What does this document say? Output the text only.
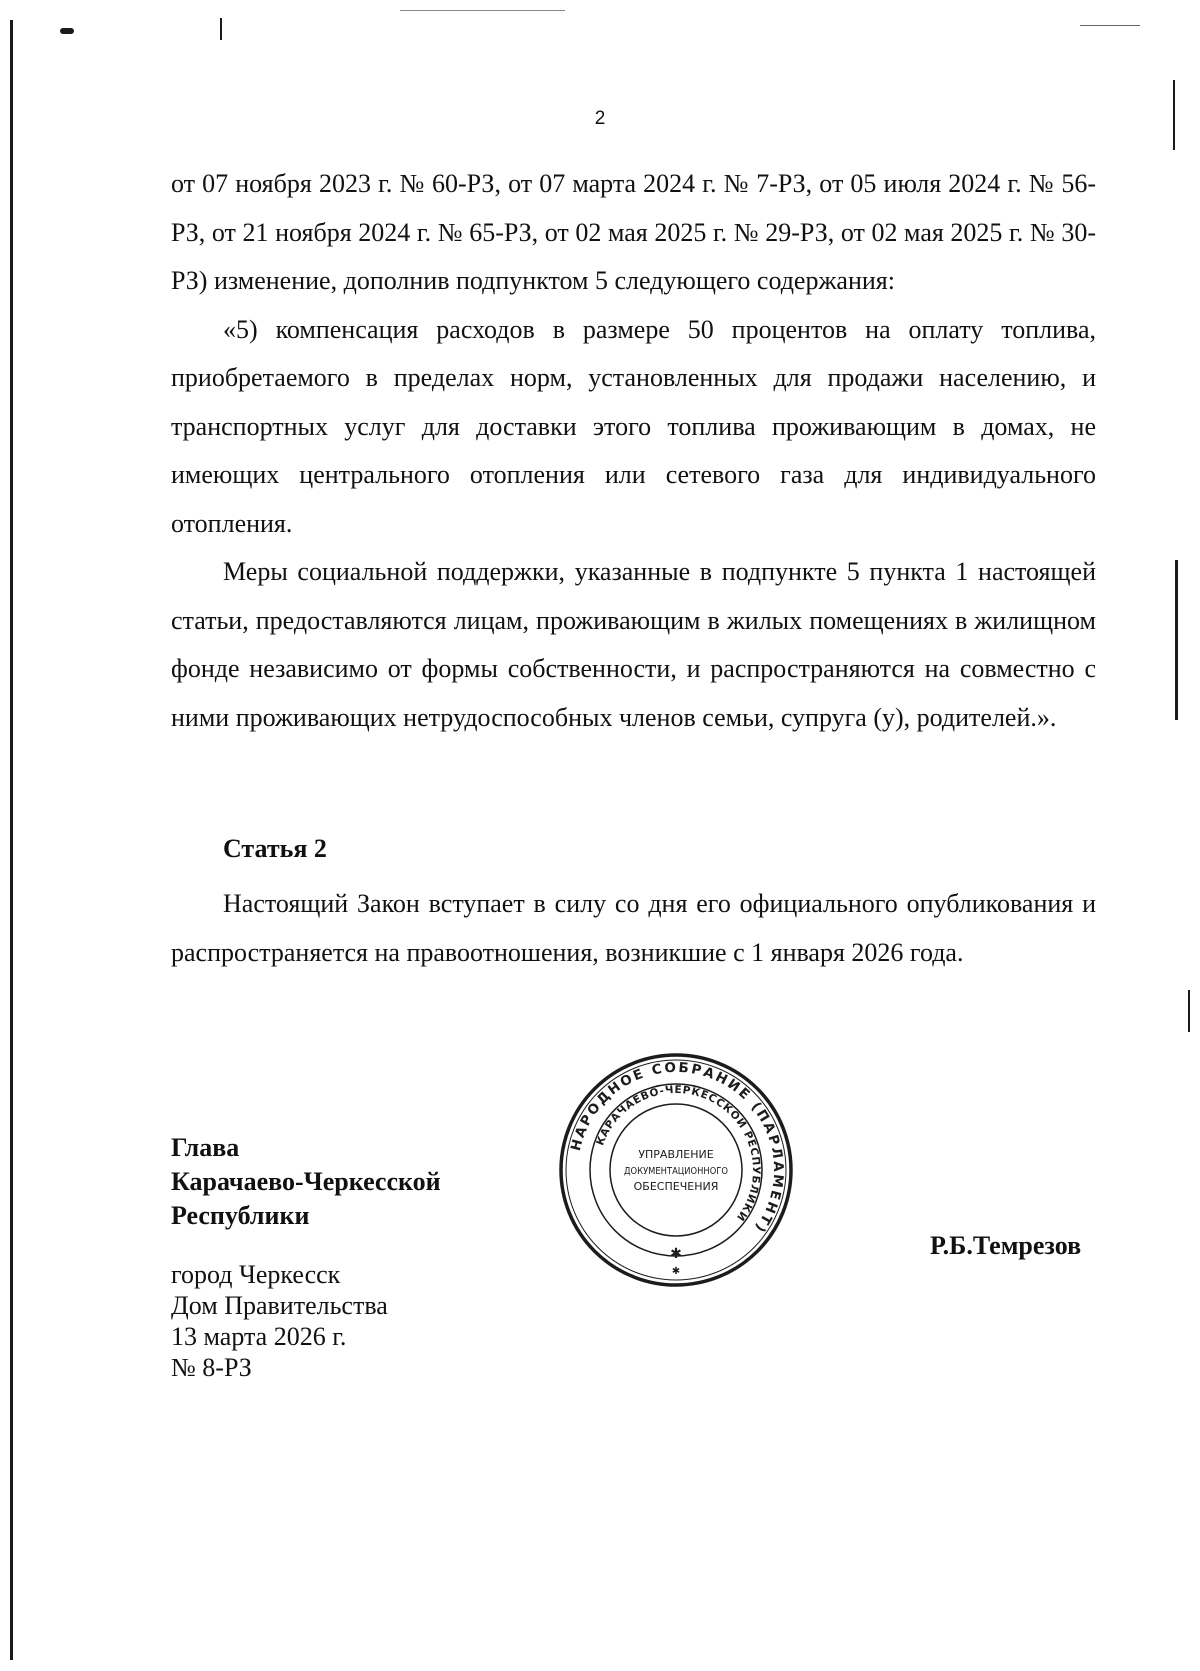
2

от 07 ноября 2023 г. № 60-РЗ, от 07 марта 2024 г. № 7-РЗ, от 05 июля 2024 г. № 56-РЗ, от 21 ноября 2024 г. № 65-РЗ, от 02 мая 2025 г. № 29-РЗ, от 02 мая 2025 г. № 30-РЗ) изменение, дополнив подпунктом 5 следующего содержания:

«5) компенсация расходов в размере 50 процентов на оплату топлива, приобретаемого в пределах норм, установленных для продажи населению, и транспортных услуг для доставки этого топлива проживающим в домах, не имеющих центрального отопления или сетевого газа для индивидуального отопления.

Меры социальной поддержки, указанные в подпункте 5 пункта 1 настоящей статьи, предоставляются лицам, проживающим в жилых помещениях в жилищном фонде независимо от формы собственности, и распространяются на совместно с ними проживающих нетрудоспособных членов семьи, супруга (у), родителей.».

Статья 2

Настоящий Закон вступает в силу со дня его официального опубликования и распространяется на правоотношения, возникшие с 1 января 2026 года.

Глава
Карачаево-Черкесской
Республики
Р.Б.Темрезов
город Черкесск
Дом Правительства
13 марта 2026 г.
№ 8-РЗ
НАРОДНОЕ СОБРАНИЕ (ПАРЛАМЕНТ)
КАРАЧАЕВО-ЧЕРКЕССКОЙ РЕСПУБЛИКИ
УПРАВЛЕНИЕ
ДОКУМЕНТАЦИОННОГО
ОБЕСПЕЧЕНИЯ
✱
✱
